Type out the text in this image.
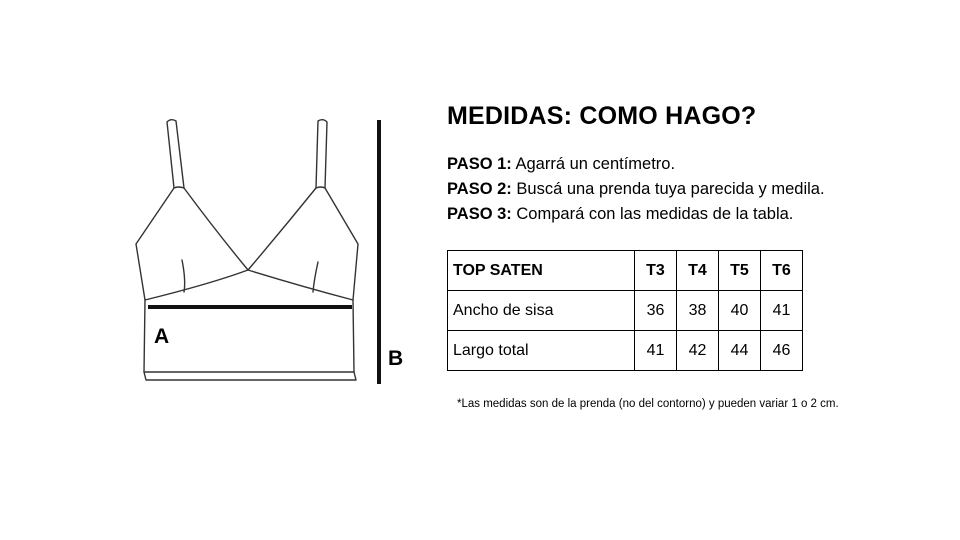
A
B
MEDIDAS: COMO HAGO?
PASO 1: Agarrá un centímetro.
PASO 2: Buscá una prenda tuya parecida y medila.
PASO 3: Compará con las medidas de la tabla.
TOP SATEN	T3	T4	T5	T6
Ancho de sisa	36	38	40	41
Largo total	41	42	44	46
*Las medidas son de la prenda (no del contorno) y pueden variar 1 o 2 cm.
